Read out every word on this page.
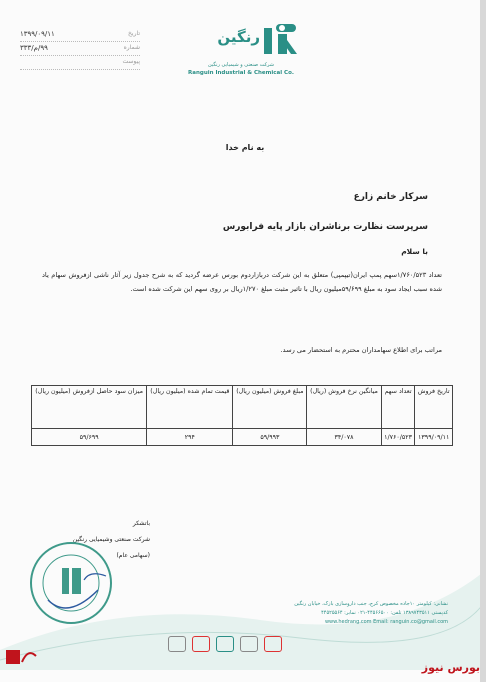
تاریخ
۱۳۹۹/۰۹/۱۱
شماره
۹۹/م/۳۳۳
پیوست
رنگین
شرکت صنعتی و شیمیایی رنگین
Ranguin Industrial & Chemical Co.
به نام خدا
سرکار خانم زارع
سرپرست نظارت برناشران بازار پایه فرابورس
با سلام
تعداد ۱/۷۶۰/۵۲۳سهم پمپ ایران(تیپمپی) متعلق به این شرکت دربازاردوم بورس عرضه گردید که به شرح جدول زیر آثار ناشی ازفروش سهام یاد شده سبب ایجاد سود به مبلغ ۵۹/۶۹۹میلیون ریال با تاثیر مثبت مبلغ ۱/۲۷۰ریال بر روی سهم این شرکت شده است.
مراتب برای اطلاع سهامداران محترم به استحضار می رسد.
تاریخ فروش	تعداد سهم	میانگین نرخ فروش (ریال)	مبلغ فروش (میلیون ریال)	قیمت تمام شده (میلیون ریال)	میزان سود حاصل ازفروش (میلیون ریال)
۱۳۹۹/۰۹/۱۱	۱/۷۶۰/۵۲۳	۳۴/۰۷۸	۵۹/۹۹۳	۲۹۴	۵۹/۶۹۹
باتشکر
شرکت صنعتی وشیمیایی رنگین
(سهامی عام)
نشانی: کیلومتر ۱۰جاده مخصوص کرج، جنب داروسازی بازک، خیابان رنگین
کدپستی ۱۳۸۹۷۴۳۵۱۱ تلفن: ۴۴۵۶۶۵۰۰-۰۲۱ نمابر: ۴۴۵۲۵۵۶۴
www.hedrang.com Email: ranguin.co@gmail.com
بورس نیوز
